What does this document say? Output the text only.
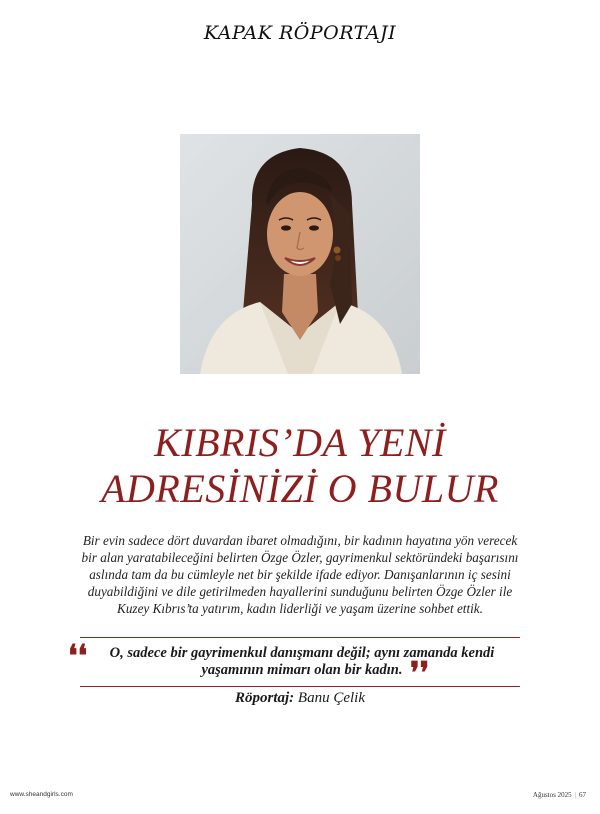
KAPAK RÖPORTAJI
KIBRIS’DA YENİ
ADRESİNİZİ O BULUR
Bir evin sadece dört duvardan ibaret olmadığını, bir kadının hayatına yön verecek
bir alan yaratabileceğini belirten Özge Özler, gayrimenkul sektöründeki başarısını
aslında tam da bu cümleyle net bir şekilde ifade ediyor. Danışanlarının iç sesini
duyabildiğini ve dile getirilmeden hayallerini sunduğunu belirten Özge Özler ile
Kuzey Kıbrıs’ta yatırım, kadın liderliği ve yaşam üzerine sohbet ettik.
❛❛	O, sadece bir gayrimenkul danışmanı değil; aynı zamanda kendi
yaşamının mimarı olan bir kadın. ❜❜
Röportaj: Banu Çelik
www.sheandgirls.com	Ağustos 2025 | 67
